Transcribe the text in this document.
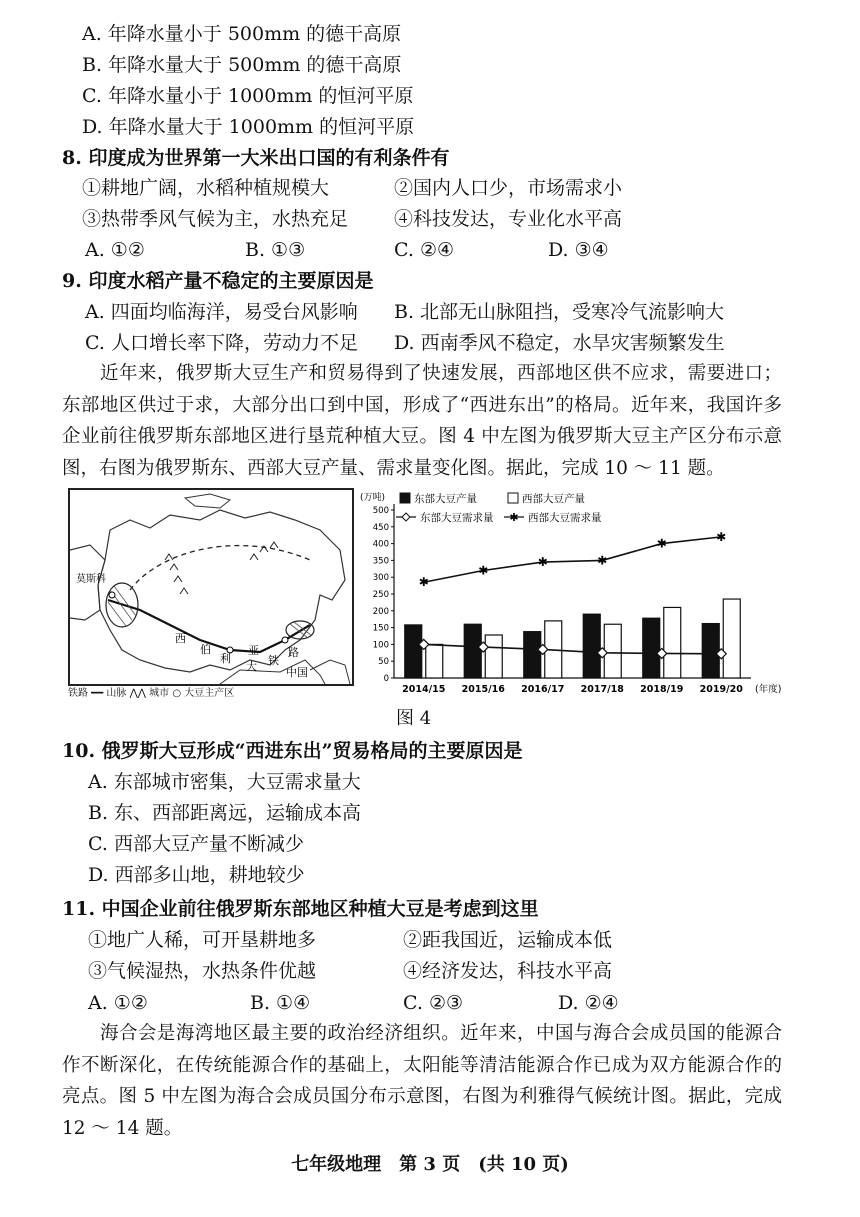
A. 年降水量小于 500mm 的德干高原
B. 年降水量大于 500mm 的德干高原
C. 年降水量小于 1000mm 的恒河平原
D. 年降水量大于 1000mm 的恒河平原
8. 印度成为世界第一大米出口国的有利条件有
①耕地广阔，水稻种植规模大	②国内人口少，市场需求小
③热带季风气候为主，水热充足 ④科技发达，专业化水平高
A. ①②	B. ①③	C. ②④	D. ③④
9. 印度水稻产量不稳定的主要原因是
A. 四面均临海洋，易受台风影响 B. 北部无山脉阻挡，受寒冷气流影响大
C. 人口增长率下降，劳动力不足 D. 西南季风不稳定，水旱灾害频繁发生
近年来，俄罗斯大豆生产和贸易得到了快速发展，西部地区供不应求，需要进口；东部地区供过于求，大部分出口到中国，形成了“西进东出”的格局。近年来，我国许多企业前往俄罗斯东部地区进行垦荒种植大豆。图 4 中左图为俄罗斯大豆主产区分布示意图，右图为俄罗斯东、西部大豆产量、需求量变化图。据此，完成 10 ～ 11 题。
莫斯科
西
伯
利
亚
大 铁
路
中国
铁路 ━━ 山脉 ⋀⋀ 城市 ○ 大豆主产区
(万吨)
0
50
100
150
200
250
300
350
400
450
500
✱
✱
✱	✱
✱	✱
2014/15 2015/16 2016/17 2017/18 2018/19 2019/20 (年度)
东部大豆产量	西部大豆产量
东部大豆需求量 ✱ 西部大豆需求量
图 4
10. 俄罗斯大豆形成“西进东出”贸易格局的主要原因是
A. 东部城市密集，大豆需求量大
B. 东、西部距离远，运输成本高
C. 西部大豆产量不断减少
D. 西部多山地，耕地较少
11. 中国企业前往俄罗斯东部地区种植大豆是考虑到这里
①地广人稀，可开垦耕地多	②距我国近，运输成本低
③气候湿热，水热条件优越	④经济发达，科技水平高
A. ①②	B. ①④	C. ②③	D. ②④
海合会是海湾地区最主要的政治经济组织。近年来，中国与海合会成员国的能源合作不断深化，在传统能源合作的基础上，太阳能等清洁能源合作已成为双方能源合作的亮点。图 5 中左图为海合会成员国分布示意图，右图为利雅得气候统计图。据此，完成 12 ～ 14 题。
七年级地理　第 3 页　(共 10 页)
